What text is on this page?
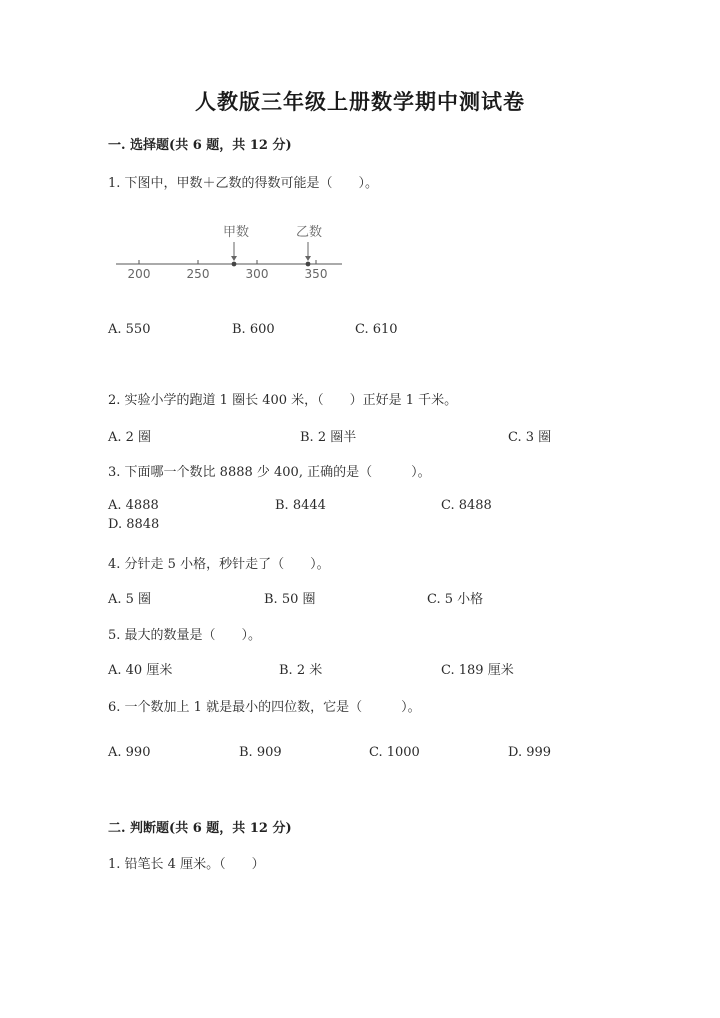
人教版三年级上册数学期中测试卷
一. 选择题(共 6 题，共 12 分)
1. 下图中，甲数＋乙数的得数可能是（　　）。
200	250	300	350
甲数	乙数
A. 550	B. 600	C. 610
2. 实验小学的跑道 1 圈长 400 米，（　　）正好是 1 千米。
A. 2 圈	B. 2 圈半	C. 3 圈
3. 下面哪一个数比 8888 少 400, 正确的是（　　　）。
A. 4888	B. 8444	C. 8488
D. 8848
4. 分针走 5 小格，秒针走了（　　）。
A. 5 圈	B. 50 圈	C. 5 小格
5. 最大的数量是（　　）。
A. 40 厘米	B. 2 米	C. 189 厘米
6. 一个数加上 1 就是最小的四位数，它是（　　　）。
A. 990	B. 909	C. 1000	D. 999
二. 判断题(共 6 题，共 12 分)
1. 铅笔长 4 厘米。（　　）
